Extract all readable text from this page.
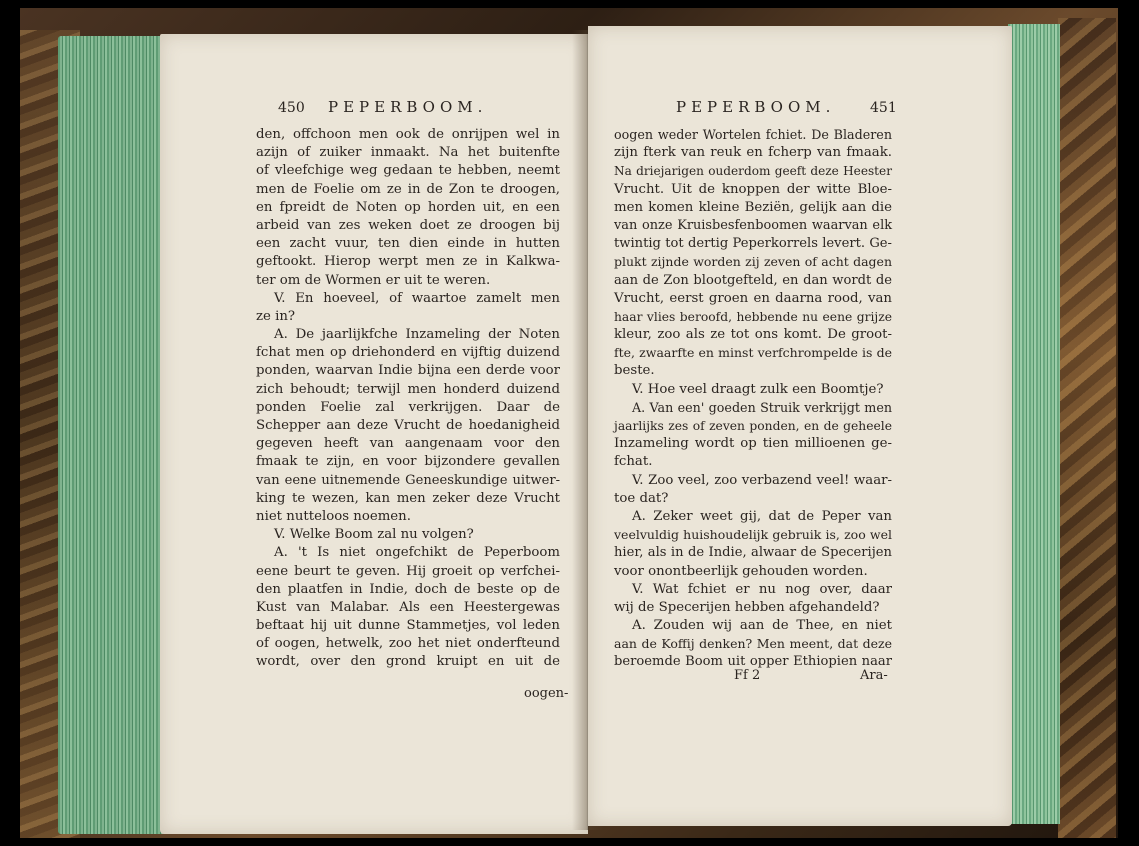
450 PEPERBOOM.
den, offchoon men ook de onrijpen wel in
azijn of zuiker inmaakt. Na het buitenfte
of vleefchige weg gedaan te hebben, neemt
men de Foelie om ze in de Zon te droogen,
en fpreidt de Noten op horden uit, en een
arbeid van zes weken doet ze droogen bij
een zacht vuur, ten dien einde in hutten
geftookt. Hierop werpt men ze in Kalkwa-
ter om de Wormen er uit te weren.
V. En hoeveel, of waartoe zamelt men
ze in?
A. De jaarlijkfche Inzameling der Noten
fchat men op driehonderd en vijftig duizend
ponden, waarvan Indie bijna een derde voor
zich behoudt; terwijl men honderd duizend
ponden Foelie zal verkrijgen. Daar de
Schepper aan deze Vrucht de hoedanigheid
gegeven heeft van aangenaam voor den
fmaak te zijn, en voor bijzondere gevallen
van eene uitnemende Geneeskundige uitwer-
king te wezen, kan men zeker deze Vrucht
niet nutteloos noemen.
V. Welke Boom zal nu volgen?
A. 't Is niet ongefchikt de Peperboom
eene beurt te geven. Hij groeit op verfchei-
den plaatfen in Indie, doch de beste op de
Kust van Malabar. Als een Heestergewas
beftaat hij uit dunne Stammetjes, vol leden
of oogen, hetwelk, zoo het niet onderfteund
wordt, over den grond kruipt en uit de
oogen-
PEPERBOOM. 451
oogen weder Wortelen fchiet. De Bladeren
zijn fterk van reuk en fcherp van fmaak.
Na driejarigen ouderdom geeft deze Heester
Vrucht. Uit de knoppen der witte Bloe-
men komen kleine Beziën, gelijk aan die
van onze Kruisbesfenboomen waarvan elk
twintig tot dertig Peperkorrels levert. Ge-
plukt zijnde worden zij zeven of acht dagen
aan de Zon blootgefteld, en dan wordt de
Vrucht, eerst groen en daarna rood, van
haar vlies beroofd, hebbende nu eene grijze
kleur, zoo als ze tot ons komt. De groot-
fte, zwaarfte en minst verfchrompelde is de
beste.
V. Hoe veel draagt zulk een Boomtje?
A. Van een' goeden Struik verkrijgt men
jaarlijks zes of zeven ponden, en de geheele
Inzameling wordt op tien millioenen ge-
fchat.
V. Zoo veel, zoo verbazend veel! waar-
toe dat?
A. Zeker weet gij, dat de Peper van
veelvuldig huishoudelijk gebruik is, zoo wel
hier, als in de Indie, alwaar de Specerijen
voor onontbeerlijk gehouden worden.
V. Wat fchiet er nu nog over, daar
wij de Specerijen hebben afgehandeld?
A. Zouden wij aan de Thee, en niet
aan de Koffij denken? Men meent, dat deze
beroemde Boom uit opper Ethiopien naar
Ff 2	Ara-
